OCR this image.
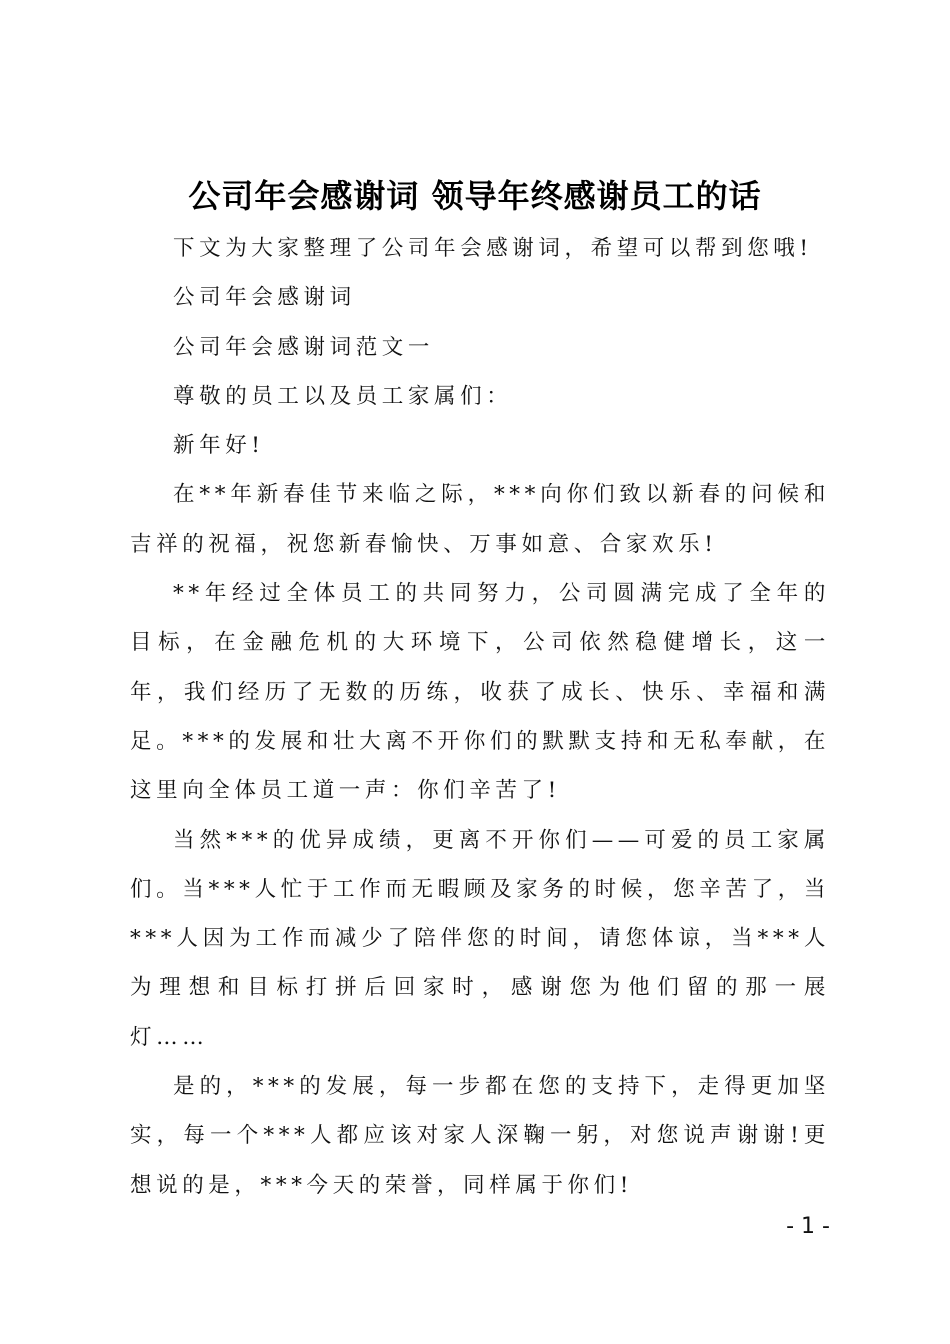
公司年会感谢词 领导年终感谢员工的话

下文为大家整理了公司年会感谢词，希望可以帮到您哦!

公司年会感谢词

公司年会感谢词范文一

尊敬的员工以及员工家属们：

新年好!

在**年新春佳节来临之际，***向你们致以新春的问候和吉祥的祝福，祝您新春愉快、万事如意、合家欢乐!

**年经过全体员工的共同努力，公司圆满完成了全年的目标，在金融危机的大环境下，公司依然稳健增长，这一年，我们经历了无数的历练，收获了成长、快乐、幸福和满足。***的发展和壮大离不开你们的默默支持和无私奉献，在这里向全体员工道一声：你们辛苦了!

当然***的优异成绩，更离不开你们——可爱的员工家属们。当***人忙于工作而无暇顾及家务的时候，您辛苦了，当***人因为工作而减少了陪伴您的时间，请您体谅，当***人为理想和目标打拼后回家时，感谢您为他们留的那一展灯……

是的，***的发展，每一步都在您的支持下，走得更加坚实，每一个***人都应该对家人深鞠一躬，对您说声谢谢!更想说的是，***今天的荣誉，同样属于你们!

- 1 -
